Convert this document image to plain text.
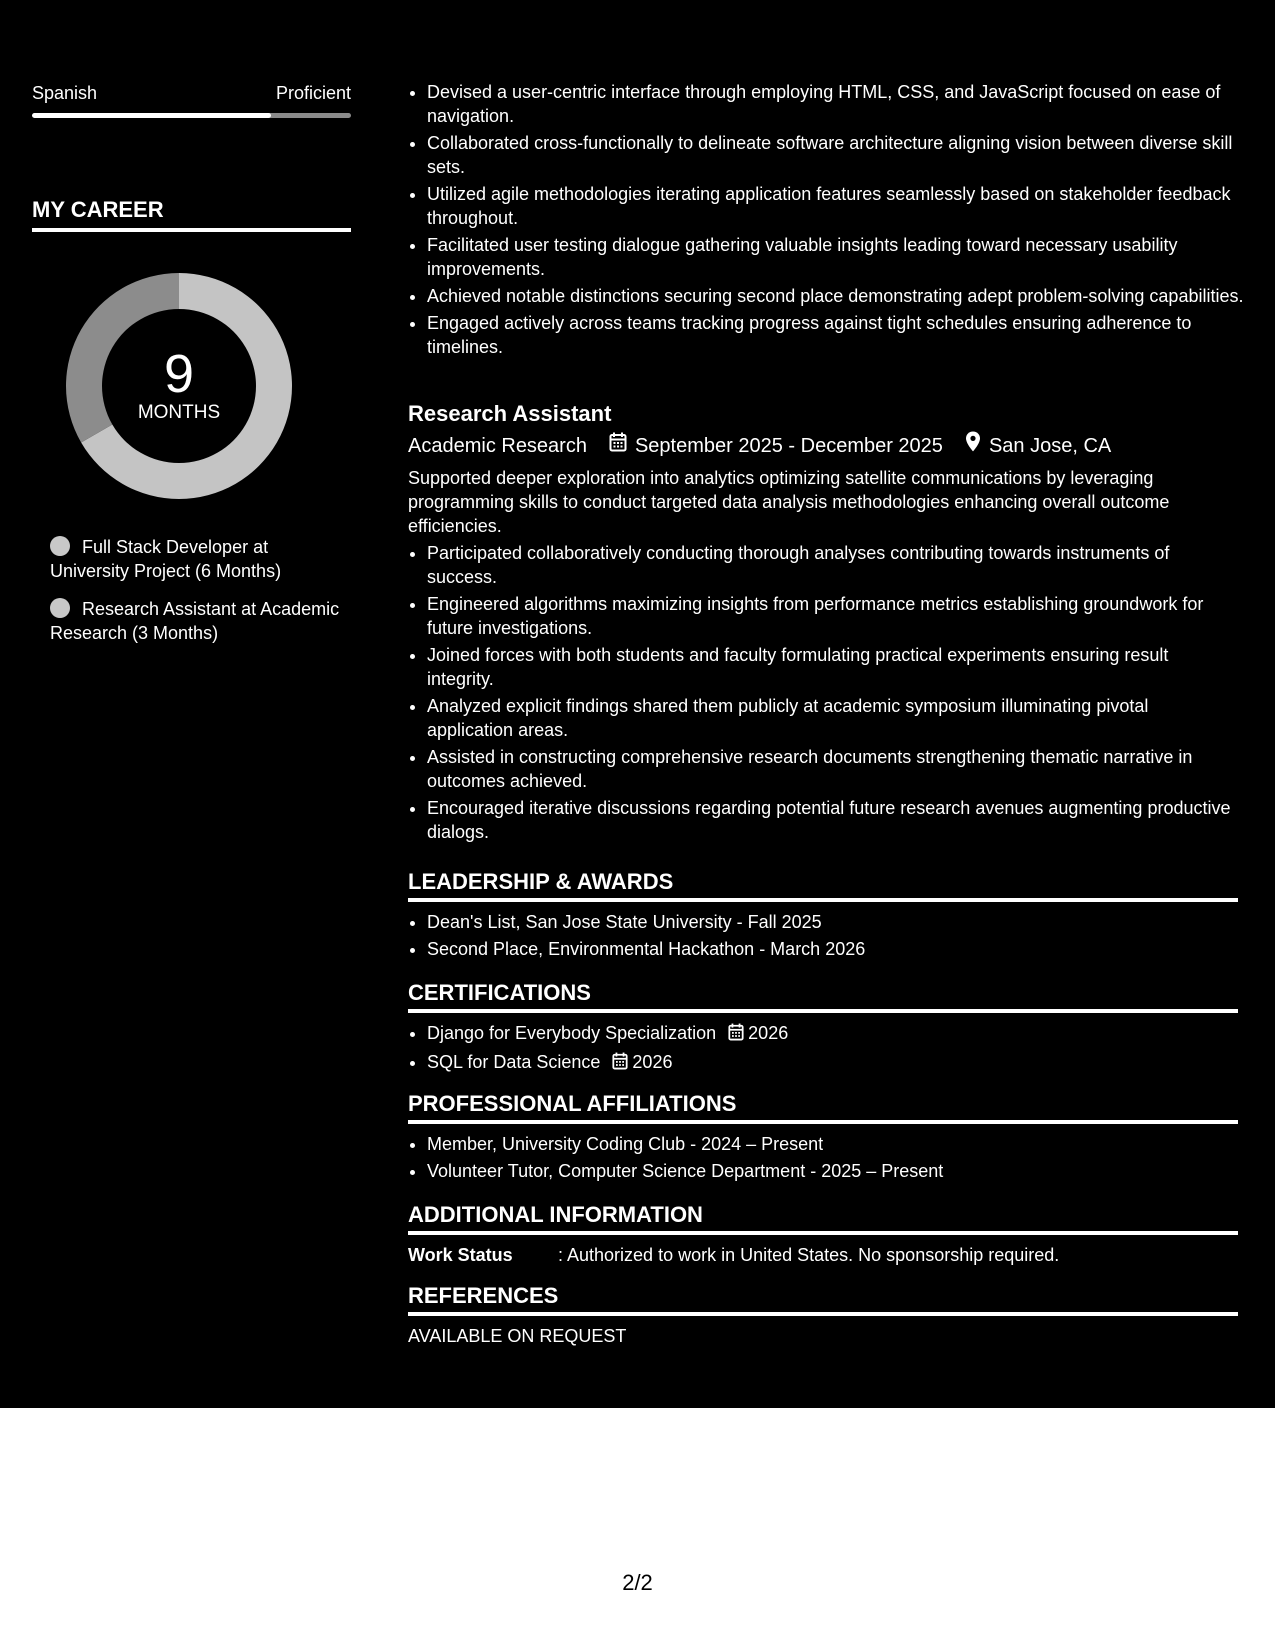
Spanish	Proficient
MY CAREER
9
MONTHS
Full Stack Developer at University Project (6 Months)
Research Assistant at Academic Research (3 Months)
• Devised a user-centric interface through employing HTML, CSS, and JavaScript focused on ease of navigation.
• Collaborated cross-functionally to delineate software architecture aligning vision between diverse skill sets.
• Utilized agile methodologies iterating application features seamlessly based on stakeholder feedback throughout.
• Facilitated user testing dialogue gathering valuable insights leading toward necessary usability improvements.
• Achieved notable distinctions securing second place demonstrating adept problem-solving capabilities.
• Engaged actively across teams tracking progress against tight schedules ensuring adherence to timelines.
Research Assistant
Academic Research September 2025 - December 2025 San Jose, CA
Supported deeper exploration into analytics optimizing satellite communications by leveraging programming skills to conduct targeted data analysis methodologies enhancing overall outcome efficiencies.
• Participated collaboratively conducting thorough analyses contributing towards instruments of success.
• Engineered algorithms maximizing insights from performance metrics establishing groundwork for future investigations.
• Joined forces with both students and faculty formulating practical experiments ensuring result integrity.
• Analyzed explicit findings shared them publicly at academic symposium illuminating pivotal application areas.
• Assisted in constructing comprehensive research documents strengthening thematic narrative in outcomes achieved.
• Encouraged iterative discussions regarding potential future research avenues augmenting productive dialogs.
LEADERSHIP & AWARDS
• Dean's List, San Jose State University - Fall 2025
• Second Place, Environmental Hackathon - March 2026
CERTIFICATIONS
• Django for Everybody Specialization 2026
• SQL for Data Science 2026
PROFESSIONAL AFFILIATIONS
• Member, University Coding Club - 2024 – Present
• Volunteer Tutor, Computer Science Department - 2025 – Present
ADDITIONAL INFORMATION
Work Status	: Authorized to work in United States. No sponsorship required.
REFERENCES
AVAILABLE ON REQUEST
2/2
